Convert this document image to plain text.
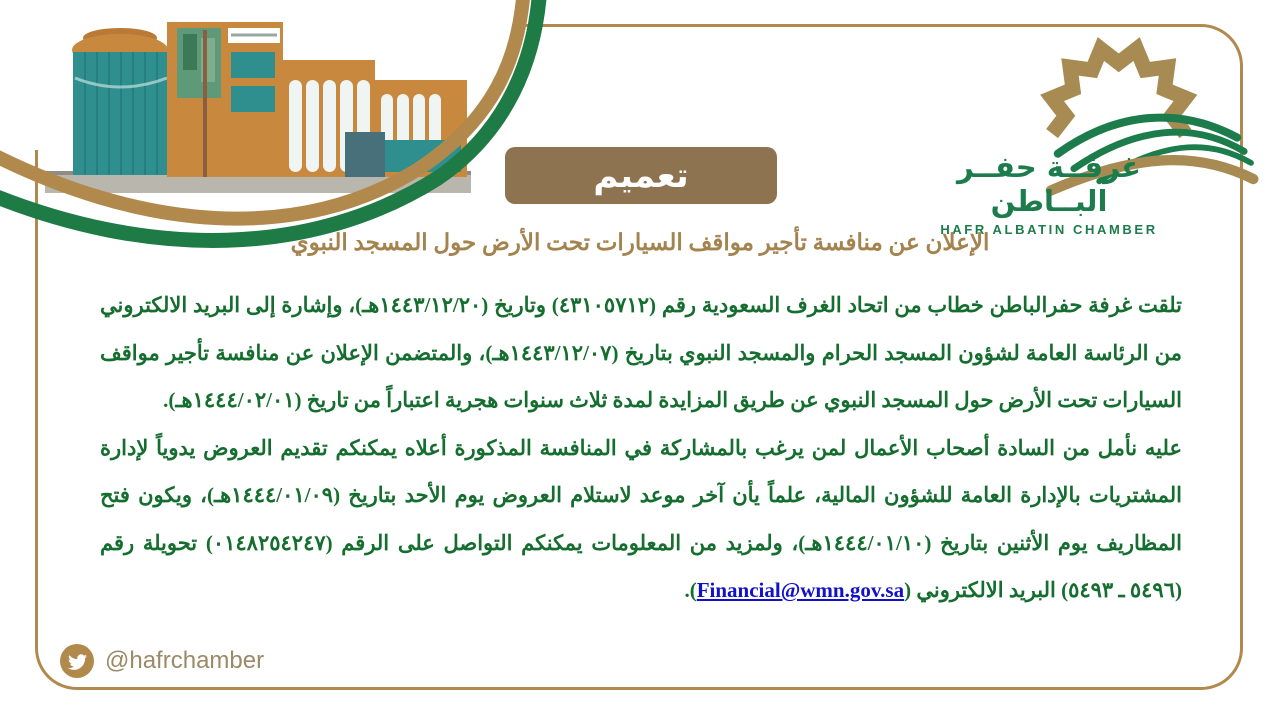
تعميم	غرفــة حفــر البــاطن
HAFR ALBATIN CHAMBER
الإعلان عن منافسة تأجير مواقف السيارات تحت الأرض حول المسجد النبوي

تلقت غرفة حفرالباطن خطاب من اتحاد الغرف السعودية رقم (٤٣١٠٥٧١٢) وتاريخ (١٤٤٣/١٢/٢٠هـ)، وإشارة إلى البريد الالكتروني من الرئاسة العامة لشؤون المسجد الحرام والمسجد النبوي بتاريخ (١٤٤٣/١٢/٠٧هـ)، والمتضمن الإعلان عن منافسة تأجير مواقف السيارات تحت الأرض حول المسجد النبوي عن طريق المزايدة لمدة ثلاث سنوات هجرية اعتباراً من تاريخ (١٤٤٤/٠٢/٠١هـ).

عليه نأمل من السادة أصحاب الأعمال لمن يرغب بالمشاركة في المنافسة المذكورة أعلاه يمكنكم تقديم العروض يدوياً لإدارة المشتريات بالإدارة العامة للشؤون المالية، علماً يأن آخر موعد لاستلام العروض يوم الأحد بتاريخ (١٤٤٤/٠١/٠٩هـ)، ويكون فتح المظاريف يوم الأثنين بتاريخ (١٤٤٤/٠١/١٠هـ)، ولمزيد من المعلومات يمكنكم التواصل على الرقم (٠١٤٨٢٥٤٢٤٧) تحويلة رقم (٥٤٩٦ ـ ٥٤٩٣) البريد الالكتروني (Financial@wmn.gov.sa).

@hafrchamber
